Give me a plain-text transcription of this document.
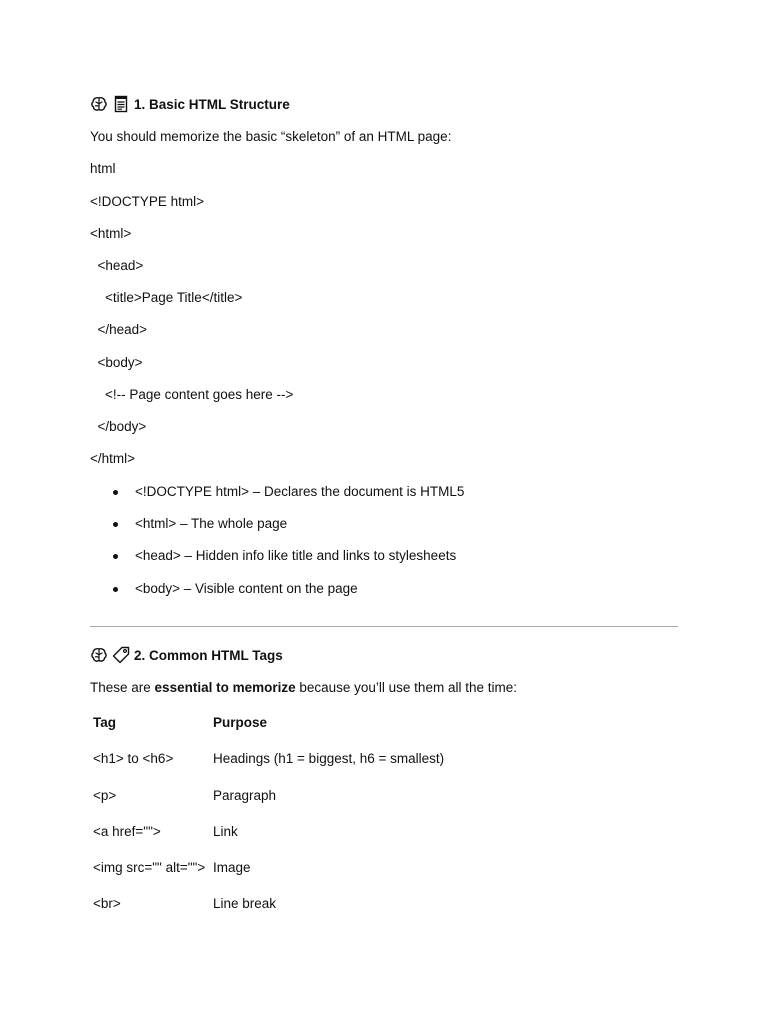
1. Basic HTML Structure
You should memorize the basic “skeleton” of an HTML page:
html
<!DOCTYPE html>
<html>
<head>
<title>Page Title</title>
</head>
<body>
<!-- Page content goes here -->
</body>
</html>
<!DOCTYPE html> – Declares the document is HTML5
<html> – The whole page
<head> – Hidden info like title and links to stylesheets
<body> – Visible content on the page
2. Common HTML Tags
These are essential to memorize because you’ll use them all the time:
Tag	Purpose
<h1> to <h6>	Headings (h1 = biggest, h6 = smallest)
<p>	Paragraph
<a href="">	Link
<img src="" alt=""> Image
<br>	Line break
